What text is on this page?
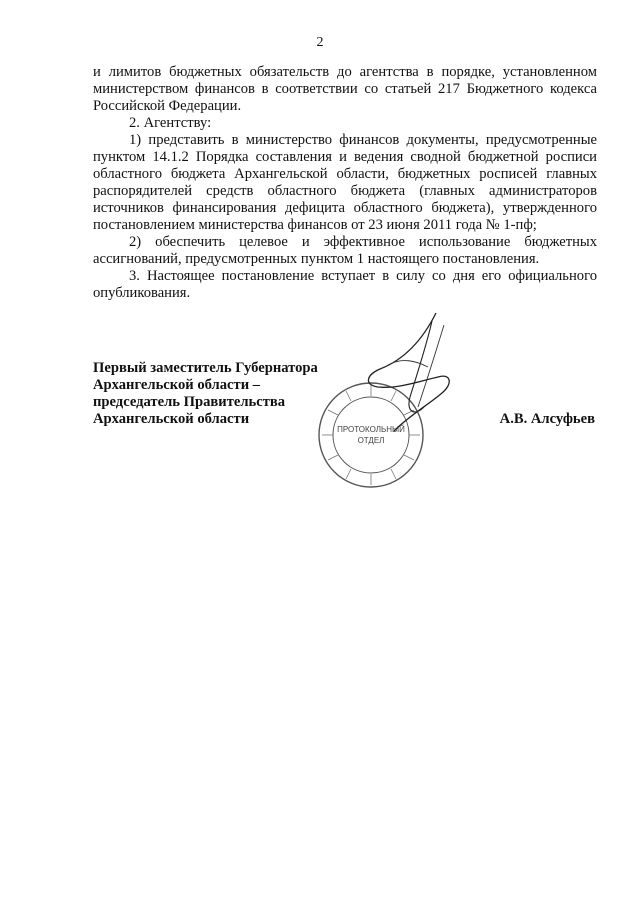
2

и лимитов бюджетных обязательств до агентства в порядке, установленном министерством финансов в соответствии со статьей 217 Бюджетного кодекса Российской Федерации.

2. Агентству:

1) представить в министерство финансов документы, предусмотренные пунктом 14.1.2 Порядка составления и ведения сводной бюджетной росписи областного бюджета Архангельской области, бюджетных росписей главных распорядителей средств областного бюджета (главных администраторов источников финансирования дефицита областного бюджета), утвержденного постановлением министерства финансов от 23 июня 2011 года № 1-пф;

2) обеспечить целевое и эффективное использование бюджетных ассигнований, предусмотренных пунктом 1 настоящего постановления.

3. Настоящее постановление вступает в силу со дня его официального опубликования.

Первый заместитель Губернатора
Архангельской области –
председатель Правительства
Архангельской области	А.В. Алсуфьев
ПРОТОКОЛЬНЫЙ
ОТДЕЛ
